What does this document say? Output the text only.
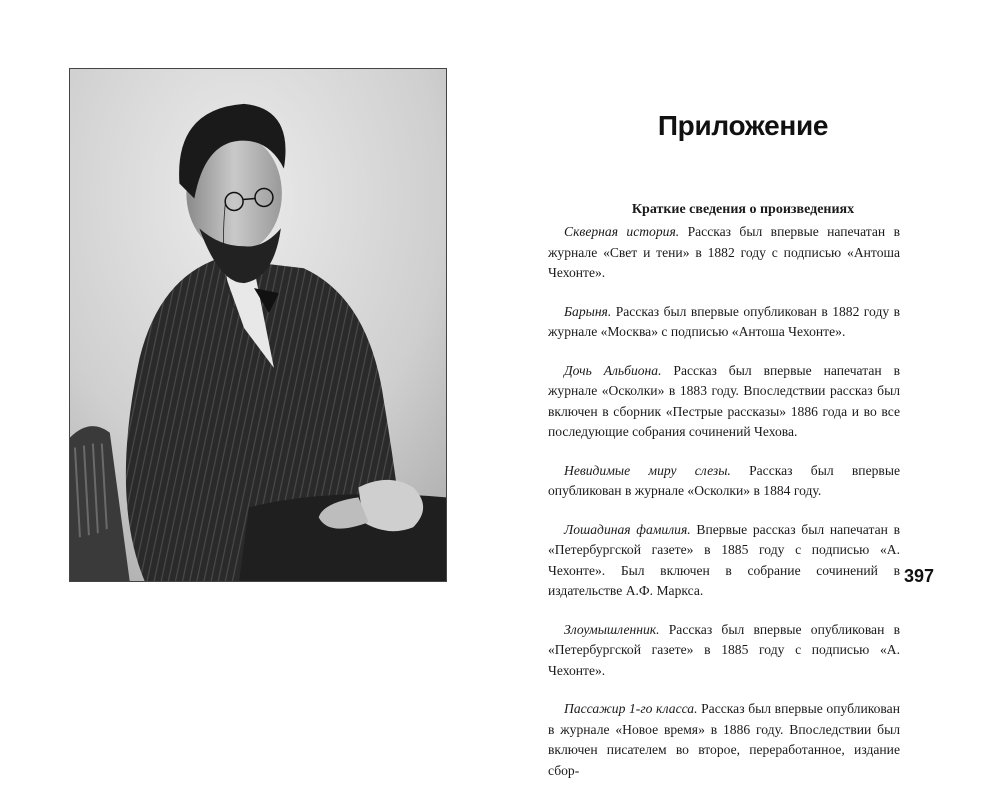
Приложение
Краткие сведения о произведениях

Скверная история. Рассказ был впервые напечатан в журнале «Свет и тени» в 1882 году с подписью «Антоша Чехонте».

Барыня. Рассказ был впервые опубликован в 1882 году в журнале «Москва» с подписью «Антоша Чехонте».

Дочь Альбиона. Рассказ был впервые напечатан в журнале «Осколки» в 1883 году. Впоследствии рассказ был включен в сборник «Пестрые рассказы» 1886 года и во все последующие собрания сочинений Чехова.

Невидимые миру слезы. Рассказ был впервые опубликован в журнале «Осколки» в 1884 году.

Лошадиная фамилия. Впервые рассказ был напечатан в «Петербургской газете» в 1885 году с подписью «А. Чехонте». Был включен в собрание сочинений в издательстве А.Ф. Маркса.

Злоумышленник. Рассказ был впервые опубликован в «Петербургской газете» в 1885 году с подписью «А. Чехонте».

Пассажир 1-го класса. Рассказ был впервые опубликован в журнале «Новое время» в 1886 году. Впоследствии был включен писателем во второе, переработанное, издание сбор-

397
